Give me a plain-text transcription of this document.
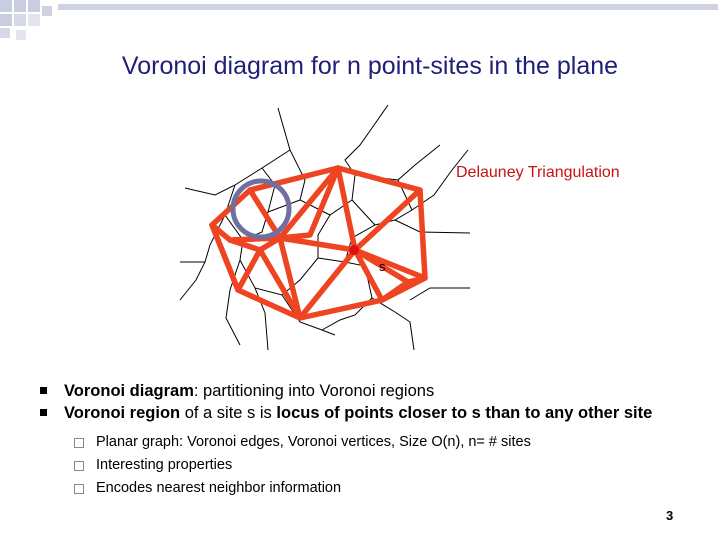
Voronoi diagram for n point-sites in the plane
s
Delauney Triangulation
Voronoi diagram: partitioning into Voronoi regions
Voronoi region of a site s is locus of points closer to s than to any other site
Planar graph: Voronoi edges, Voronoi vertices, Size O(n), n= # sites
Interesting properties
Encodes nearest neighbor information
3
